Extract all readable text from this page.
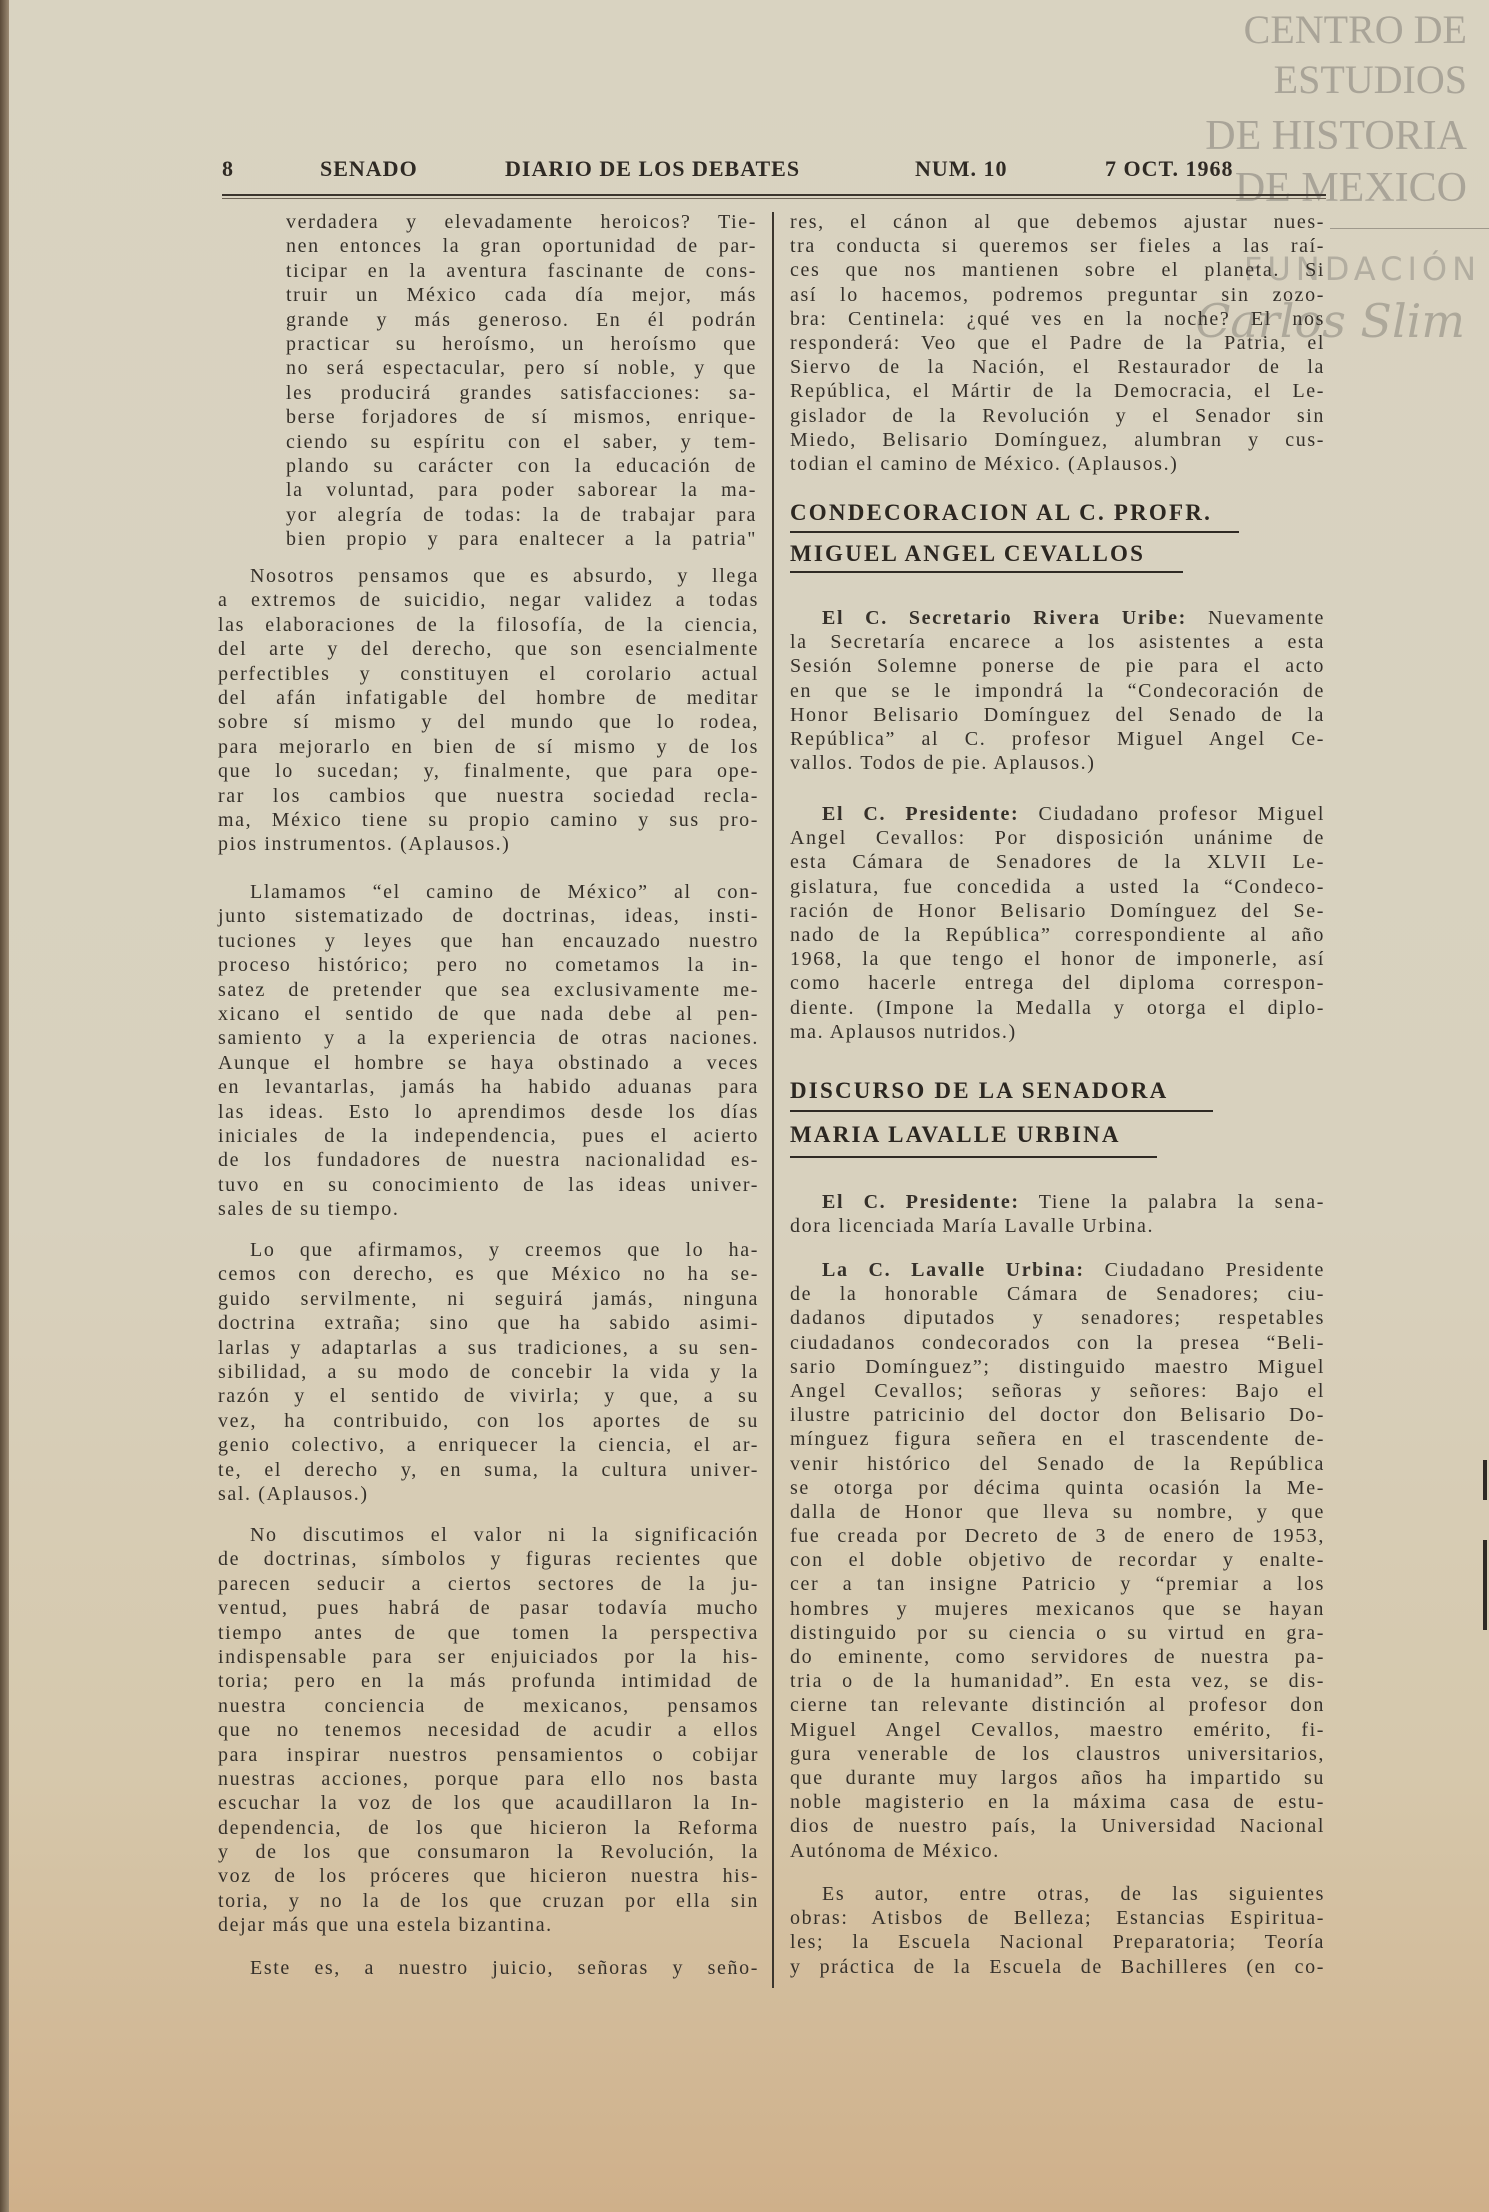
CENTRO DE
ESTUDIOS
DE HISTORIA
DE MEXICO
FUNDACIÓN
Carlos Slim
8	SENADO	DIARIO DE LOS DEBATES	NUM. 10	7 OCT. 1968
verdadera y elevadamente heroicos? Tie-
nen entonces la gran oportunidad de par-
ticipar en la aventura fascinante de cons-
truir un México cada día mejor, más
grande y más generoso. En él podrán
practicar su heroísmo, un heroísmo que
no será espectacular, pero sí noble, y que
les producirá grandes satisfacciones: sa-
berse forjadores de sí mismos, enrique-
ciendo su espíritu con el saber, y tem-
plando su carácter con la educación de
la voluntad, para poder saborear la ma-
yor alegría de todas: la de trabajar para
bien propio y para enaltecer a la patria"
Nosotros pensamos que es absurdo, y llega
a extremos de suicidio, negar validez a todas
las elaboraciones de la filosofía, de la ciencia,
del arte y del derecho, que son esencialmente
perfectibles y constituyen el corolario actual
del afán infatigable del hombre de meditar
sobre sí mismo y del mundo que lo rodea,
para mejorarlo en bien de sí mismo y de los
que lo sucedan; y, finalmente, que para ope-
rar los cambios que nuestra sociedad recla-
ma, México tiene su propio camino y sus pro-
pios instrumentos. (Aplausos.)
Llamamos “el camino de México” al con-
junto sistematizado de doctrinas, ideas, insti-
tuciones y leyes que han encauzado nuestro
proceso histórico; pero no cometamos la in-
satez de pretender que sea exclusivamente me-
xicano el sentido de que nada debe al pen-
samiento y a la experiencia de otras naciones.
Aunque el hombre se haya obstinado a veces
en levantarlas, jamás ha habido aduanas para
las ideas. Esto lo aprendimos desde los días
iniciales de la independencia, pues el acierto
de los fundadores de nuestra nacionalidad es-
tuvo en su conocimiento de las ideas univer-
sales de su tiempo.
Lo que afirmamos, y creemos que lo ha-
cemos con derecho, es que México no ha se-
guido servilmente, ni seguirá jamás, ninguna
doctrina extraña; sino que ha sabido asimi-
larlas y adaptarlas a sus tradiciones, a su sen-
sibilidad, a su modo de concebir la vida y la
razón y el sentido de vivirla; y que, a su
vez, ha contribuido, con los aportes de su
genio colectivo, a enriquecer la ciencia, el ar-
te, el derecho y, en suma, la cultura univer-
sal. (Aplausos.)
No discutimos el valor ni la significación
de doctrinas, símbolos y figuras recientes que
parecen seducir a ciertos sectores de la ju-
ventud, pues habrá de pasar todavía mucho
tiempo antes de que tomen la perspectiva
indispensable para ser enjuiciados por la his-
toria; pero en la más profunda intimidad de
nuestra conciencia de mexicanos, pensamos
que no tenemos necesidad de acudir a ellos
para inspirar nuestros pensamientos o cobijar
nuestras acciones, porque para ello nos basta
escuchar la voz de los que acaudillaron la In-
dependencia, de los que hicieron la Reforma
y de los que consumaron la Revolución, la
voz de los próceres que hicieron nuestra his-
toria, y no la de los que cruzan por ella sin
dejar más que una estela bizantina.
Este es, a nuestro juicio, señoras y seño-
res, el cánon al que debemos ajustar nues-
tra conducta si queremos ser fieles a las raí-
ces que nos mantienen sobre el planeta. Si
así lo hacemos, podremos preguntar sin zozo-
bra: Centinela: ¿qué ves en la noche? El nos
responderá: Veo que el Padre de la Patria, el
Siervo de la Nación, el Restaurador de la
República, el Mártir de la Democracia, el Le-
gislador de la Revolución y el Senador sin
Miedo, Belisario Domínguez, alumbran y cus-
todian el camino de México. (Aplausos.)
CONDECORACION AL C. PROFR.
MIGUEL ANGEL CEVALLOS
El C. Secretario Rivera Uribe: Nuevamente
la Secretaría encarece a los asistentes a esta
Sesión Solemne ponerse de pie para el acto
en que se le impondrá la “Condecoración de
Honor Belisario Domínguez del Senado de la
República” al C. profesor Miguel Angel Ce-
vallos. Todos de pie. Aplausos.)
El C. Presidente: Ciudadano profesor Miguel
Angel Cevallos: Por disposición unánime de
esta Cámara de Senadores de la XLVII Le-
gislatura, fue concedida a usted la “Condeco-
ración de Honor Belisario Domínguez del Se-
nado de la República” correspondiente al año
1968, la que tengo el honor de imponerle, así
como hacerle entrega del diploma correspon-
diente. (Impone la Medalla y otorga el diplo-
ma. Aplausos nutridos.)
DISCURSO DE LA SENADORA
MARIA LAVALLE URBINA
El C. Presidente: Tiene la palabra la sena-
dora licenciada María Lavalle Urbina.
La C. Lavalle Urbina: Ciudadano Presidente
de la honorable Cámara de Senadores; ciu-
dadanos diputados y senadores; respetables
ciudadanos condecorados con la presea “Beli-
sario Domínguez”; distinguido maestro Miguel
Angel Cevallos; señoras y señores: Bajo el
ilustre patricinio del doctor don Belisario Do-
mínguez figura señera en el trascendente de-
venir histórico del Senado de la República
se otorga por décima quinta ocasión la Me-
dalla de Honor que lleva su nombre, y que
fue creada por Decreto de 3 de enero de 1953,
con el doble objetivo de recordar y enalte-
cer a tan insigne Patricio y “premiar a los
hombres y mujeres mexicanos que se hayan
distinguido por su ciencia o su virtud en gra-
do eminente, como servidores de nuestra pa-
tria o de la humanidad”. En esta vez, se dis-
cierne tan relevante distinción al profesor don
Miguel Angel Cevallos, maestro emérito, fi-
gura venerable de los claustros universitarios,
que durante muy largos años ha impartido su
noble magisterio en la máxima casa de estu-
dios de nuestro país, la Universidad Nacional
Autónoma de México.
Es autor, entre otras, de las siguientes
obras: Atisbos de Belleza; Estancias Espiritua-
les; la Escuela Nacional Preparatoria; Teoría
y práctica de la Escuela de Bachilleres (en co-
